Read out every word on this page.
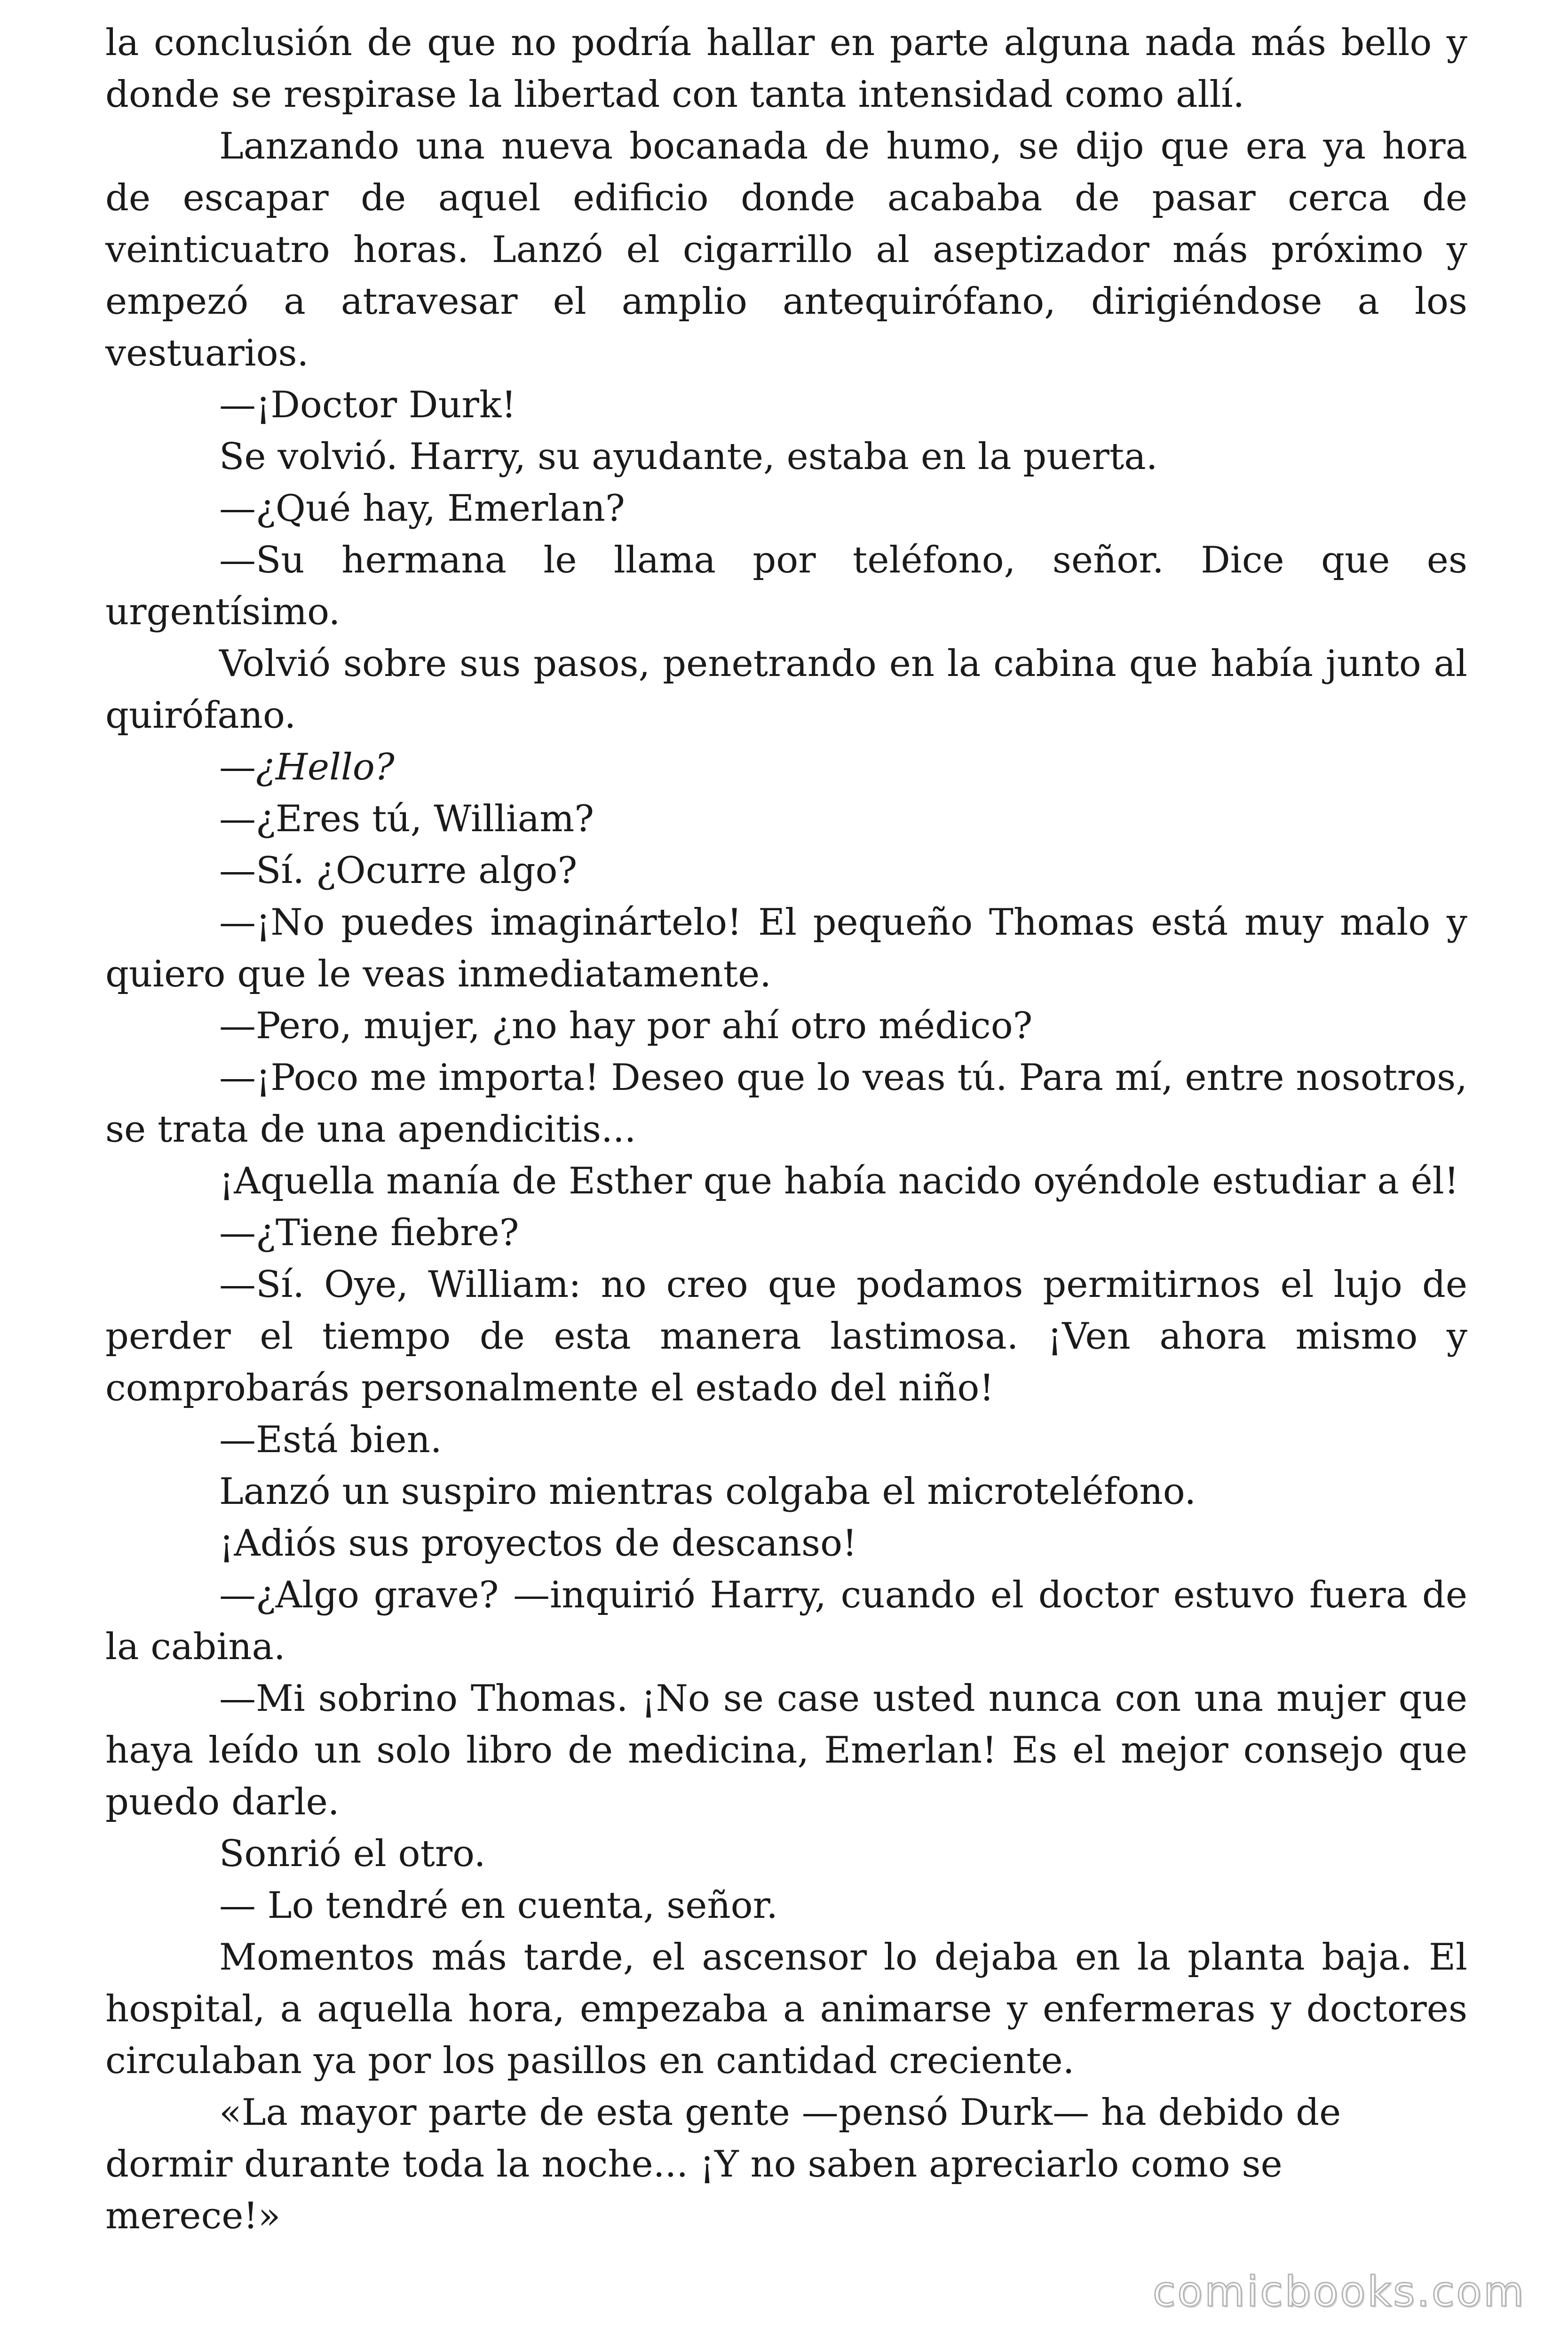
la conclusión de que no podría hallar en parte alguna nada más bello y donde se respirase la libertad con tanta intensidad como allí.

Lanzando una nueva bocanada de humo, se dijo que era ya hora de escapar de aquel edificio donde acababa de pasar cerca de veinticuatro horas. Lanzó el cigarrillo al aseptizador más próximo y empezó a atravesar el amplio antequirófano, dirigiéndose a los vestuarios.

—¡Doctor Durk!

Se volvió. Harry, su ayudante, estaba en la puerta.

—¿Qué hay, Emerlan?

—Su hermana le llama por teléfono, señor. Dice que es urgentísimo.

Volvió sobre sus pasos, penetrando en la cabina que había junto al quirófano.

—¿Hello?

—¿Eres tú, William?

—Sí. ¿Ocurre algo?

—¡No puedes imaginártelo! El pequeño Thomas está muy malo y quiero que le veas inmediatamente.

—Pero, mujer, ¿no hay por ahí otro médico?

—¡Poco me importa! Deseo que lo veas tú. Para mí, entre nosotros, se trata de una apendicitis...

¡Aquella manía de Esther que había nacido oyéndole estudiar a él!

—¿Tiene fiebre?

—Sí. Oye, William: no creo que podamos permitirnos el lujo de perder el tiempo de esta manera lastimosa. ¡Ven ahora mismo y comprobarás personalmente el estado del niño!

—Está bien.

Lanzó un suspiro mientras colgaba el microteléfono.

¡Adiós sus proyectos de descanso!

—¿Algo grave? —inquirió Harry, cuando el doctor estuvo fuera de la cabina.

—Mi sobrino Thomas. ¡No se case usted nunca con una mujer que haya leído un solo libro de medicina, Emerlan! Es el mejor consejo que puedo darle.

Sonrió el otro.

— Lo tendré en cuenta, señor.

Momentos más tarde, el ascensor lo dejaba en la planta baja. El hospital, a aquella hora, empezaba a animarse y enfermeras y doctores circulaban ya por los pasillos en cantidad creciente.

«La mayor parte de esta gente —pensó Durk— ha debido de dormir durante toda la noche... ¡Y no saben apreciarlo como se merece!»

comicbooks.com
